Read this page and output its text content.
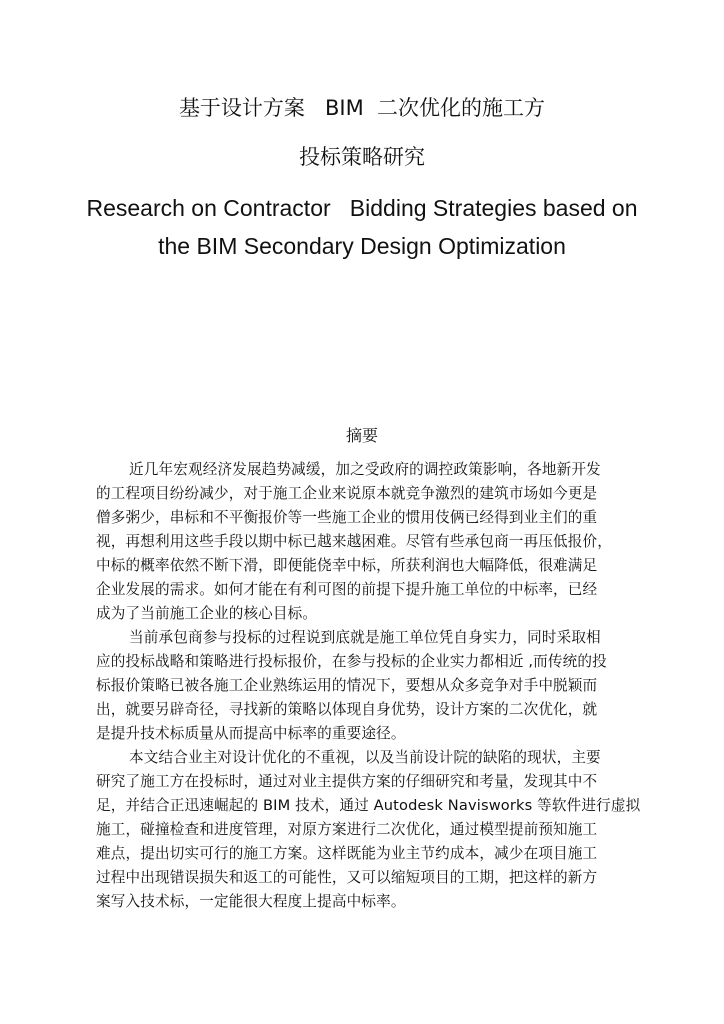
基于设计方案   BIM  二次优化的施工方
投标策略研究
Research on Contractor   Bidding Strategies based on
the BIM Secondary Design Optimization
摘要
近几年宏观经济发展趋势减缓，加之受政府的调控政策影响，各地新开发
的工程项目纷纷减少，对于施工企业来说原本就竞争激烈的建筑市场如今更是
僧多粥少，串标和不平衡报价等一些施工企业的惯用伎俩已经得到业主们的重
视，再想利用这些手段以期中标已越来越困难。尽管有些承包商一再压低报价，
中标的概率依然不断下滑，即便能侥幸中标，所获利润也大幅降低，很难满足
企业发展的需求。如何才能在有利可图的前提下提升施工单位的中标率，已经
成为了当前施工企业的核心目标。
当前承包商参与投标的过程说到底就是施工单位凭自身实力，同时采取相
应的投标战略和策略进行投标报价，在参与投标的企业实力都相近 ,而传统的投
标报价策略已被各施工企业熟练运用的情况下，要想从众多竞争对手中脱颖而
出，就要另辟奇径，寻找新的策略以体现自身优势，设计方案的二次优化，就
是提升技术标质量从而提高中标率的重要途径。
本文结合业主对设计优化的不重视，以及当前设计院的缺陷的现状，主要
研究了施工方在投标时，通过对业主提供方案的仔细研究和考量，发现其中不
足，并结合正迅速崛起的 BIM 技术，通过 Autodesk Navisworks 等软件进行虚拟
施工，碰撞检查和进度管理，对原方案进行二次优化，通过模型提前预知施工
难点，提出切实可行的施工方案。这样既能为业主节约成本，减少在项目施工
过程中出现错误损失和返工的可能性，又可以缩短项目的工期，把这样的新方
案写入技术标，一定能很大程度上提高中标率。
